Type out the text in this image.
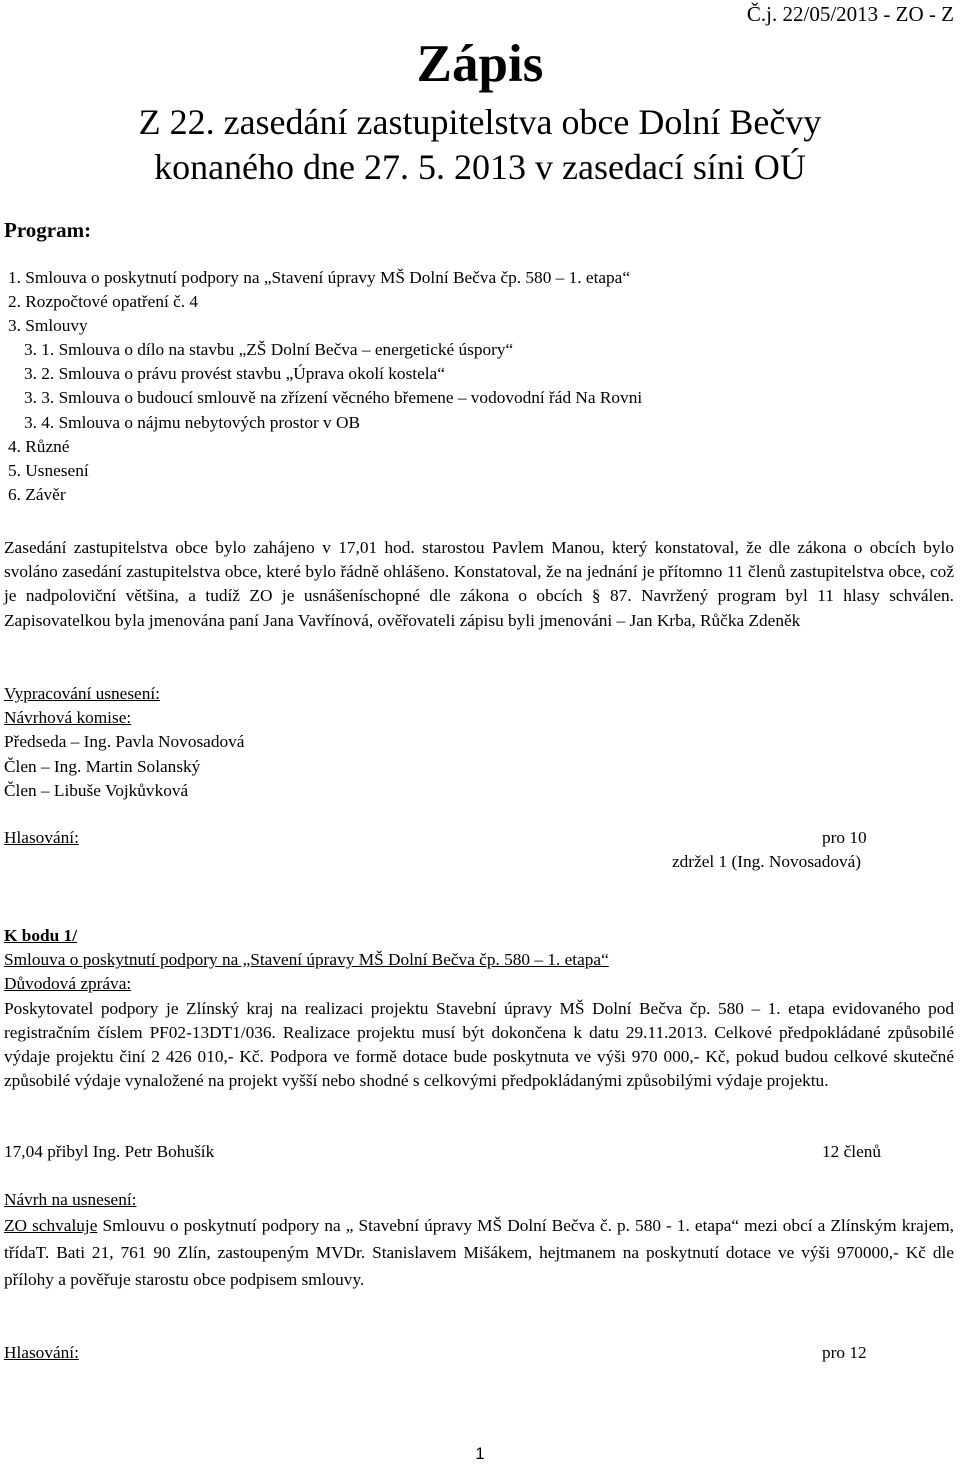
Č.j. 22/05/2013 - ZO - Z
Zápis
Z 22. zasedání zastupitelstva obce Dolní Bečvy
konaného dne 27. 5. 2013 v zasedací síni OÚ
Program:
1. Smlouva o poskytnutí podpory na „Stavení úpravy MŠ Dolní Bečva čp. 580 – 1. etapa“
2. Rozpočtové opatření č. 4
3. Smlouvy
3. 1. Smlouva o dílo na stavbu „ZŠ Dolní Bečva – energetické úspory“
3. 2. Smlouva o právu provést stavbu „Úprava okolí kostela“
3. 3. Smlouva o budoucí smlouvě na zřízení věcného břemene – vodovodní řád Na Rovni
3. 4. Smlouva o nájmu nebytových prostor v OB
4. Různé
5. Usnesení
6. Závěr
Zasedání zastupitelstva obce bylo zahájeno v 17,01 hod. starostou Pavlem Manou, který konstatoval, že dle zákona o obcích bylo svoláno zasedání zastupitelstva obce, které bylo řádně ohlášeno. Konstatoval, že na jednání je přítomno 11 členů zastupitelstva obce, což je nadpoloviční většina, a tudíž ZO je usnášeníschopné dle zákona o obcích § 87. Navržený program byl 11 hlasy schválen. Zapisovatelkou byla jmenována paní Jana Vavřínová, ověřovateli zápisu byli jmenováni – Jan Krba, Růčka Zdeněk
Vypracování usnesení:
Návrhová komise:
Předseda – Ing. Pavla Novosadová
Člen – Ing. Martin Solanský
Člen – Libuše Vojkůvková
Hlasování:	pro 10
zdržel 1 (Ing. Novosadová)
K bodu 1/
Smlouva o poskytnutí podpory na „Stavení úpravy MŠ Dolní Bečva čp. 580 – 1. etapa“
Důvodová zpráva:
Poskytovatel podpory je Zlínský kraj na realizaci projektu Stavební úpravy MŠ Dolní Bečva čp. 580 – 1. etapa evidovaného pod registračním číslem PF02-13DT1/036. Realizace projektu musí být dokončena k datu 29.11.2013. Celkové předpokládané způsobilé výdaje projektu činí 2 426 010,- Kč. Podpora ve formě dotace bude poskytnuta ve výši 970 000,- Kč, pokud budou celkové skutečné způsobilé výdaje vynaložené na projekt vyšší nebo shodné s celkovými předpokládanými způsobilými výdaje projektu.
17,04 přibyl Ing. Petr Bohušík	12 členů
Návrh na usnesení:
ZO schvaluje Smlouvu o poskytnutí podpory na „ Stavební úpravy MŠ Dolní Bečva č. p. 580 - 1. etapa“ mezi obcí a Zlínským krajem, třídaT. Bati 21, 761 90 Zlín, zastoupeným MVDr. Stanislavem Mišákem, hejtmanem na poskytnutí dotace ve výši 970000,- Kč dle přílohy a pověřuje starostu obce podpisem smlouvy.
Hlasování:	pro 12
1
